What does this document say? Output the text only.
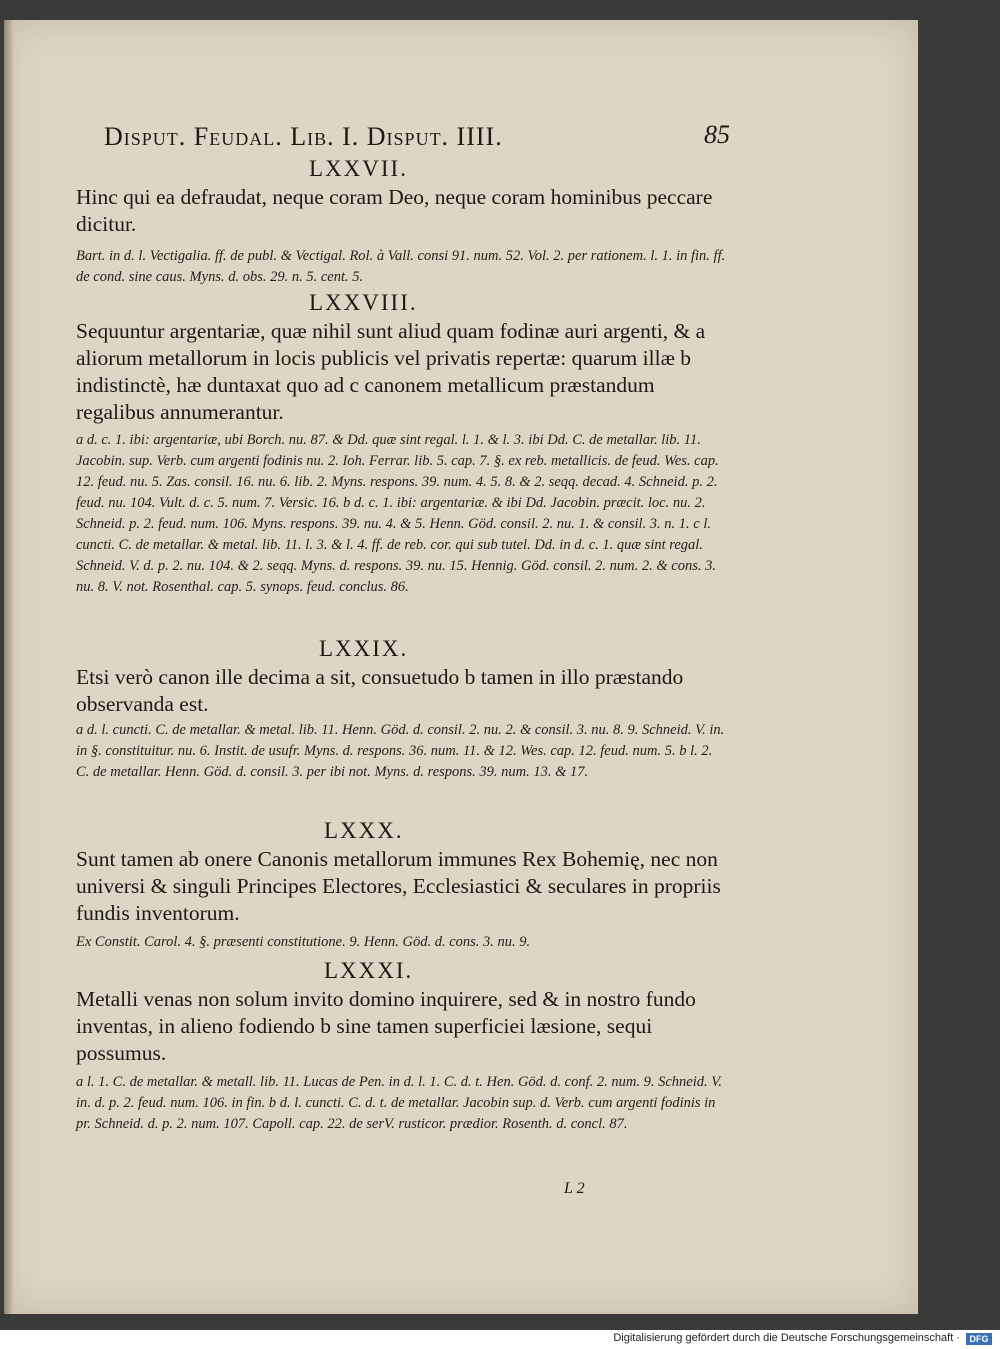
Disput. Feudal. Lib. I. Disput. IIII.	85
LXXVII.
Hinc qui ea defraudat, neque coram Deo, neque coram hominibus peccare dicitur.
Bart. in d. l. Vectigalia. ff. de publ. & Vectigal. Rol. à Vall. consi 91. num. 52. Vol. 2. per rationem. l. 1. in fin. ff. de cond. sine caus. Myns. d. obs. 29. n. 5. cent. 5.
LXXVIII.
Sequuntur argentariæ, quæ nihil sunt aliud quam fodinæ auri argenti, & a aliorum metallorum in locis publicis vel privatis repertæ: quarum illæ b indistinctè, hæ duntaxat quo ad c canonem metallicum præstandum regalibus annumerantur.
a d. c. 1. ibi: argentariæ, ubi Borch. nu. 87. & Dd. quæ sint regal. l. 1. & l. 3. ibi Dd. C. de metallar. lib. 11. Jacobin. sup. Verb. cum argenti fodinis nu. 2. Ioh. Ferrar. lib. 5. cap. 7. §. ex reb. metallicis. de feud. Wes. cap. 12. feud. nu. 5. Zas. consil. 16. nu. 6. lib. 2. Myns. respons. 39. num. 4. 5. 8. & 2. seqq. decad. 4. Schneid. p. 2. feud. nu. 104. Vult. d. c. 5. num. 7. Versic. 16. b d. c. 1. ibi: argentariæ. & ibi Dd. Jacobin. præcit. loc. nu. 2. Schneid. p. 2. feud. num. 106. Myns. respons. 39. nu. 4. & 5. Henn. Göd. consil. 2. nu. 1. & consil. 3. n. 1. c l. cuncti. C. de metallar. & metal. lib. 11. l. 3. & l. 4. ff. de reb. cor. qui sub tutel. Dd. in d. c. 1. quæ sint regal. Schneid. V. d. p. 2. nu. 104. & 2. seqq. Myns. d. respons. 39. nu. 15. Hennig. Göd. consil. 2. num. 2. & cons. 3. nu. 8. V. not. Rosenthal. cap. 5. synops. feud. conclus. 86.
LXXIX.
Etsi verò canon ille decima a sit, consuetudo b tamen in illo præstando observanda est.
a d. l. cuncti. C. de metallar. & metal. lib. 11. Henn. Göd. d. consil. 2. nu. 2. & consil. 3. nu. 8. 9. Schneid. V. in. in §. constituitur. nu. 6. Instit. de usufr. Myns. d. respons. 36. num. 11. & 12. Wes. cap. 12. feud. num. 5. b l. 2. C. de metallar. Henn. Göd. d. consil. 3. per ibi not. Myns. d. respons. 39. num. 13. & 17.
LXXX.
Sunt tamen ab onere Canonis metallorum immunes Rex Bohemię, nec non universi & singuli Principes Electores, Ecclesiastici & seculares in propriis fundis inventorum.
Ex Constit. Carol. 4. §. præsenti constitutione. 9. Henn. Göd. d. cons. 3. nu. 9.
LXXXI.
Metalli venas non solum invito domino inquirere, sed & in nostro fundo inventas, in alieno fodiendo b sine tamen superficiei læsione, sequi possumus.
a l. 1. C. de metallar. & metall. lib. 11. Lucas de Pen. in d. l. 1. C. d. t. Hen. Göd. d. conf. 2. num. 9. Schneid. V. in. d. p. 2. feud. num. 106. in fin. b d. l. cuncti. C. d. t. de metallar. Jacobin sup. d. Verb. cum argenti fodinis in pr. Schneid. d. p. 2. num. 107. Capoll. cap. 22. de serV. rusticor. prædior. Rosenth. d. concl. 87.
L 2
Digitalisierung gefördert durch die Deutsche Forschungsgemeinschaft ·	DFG
